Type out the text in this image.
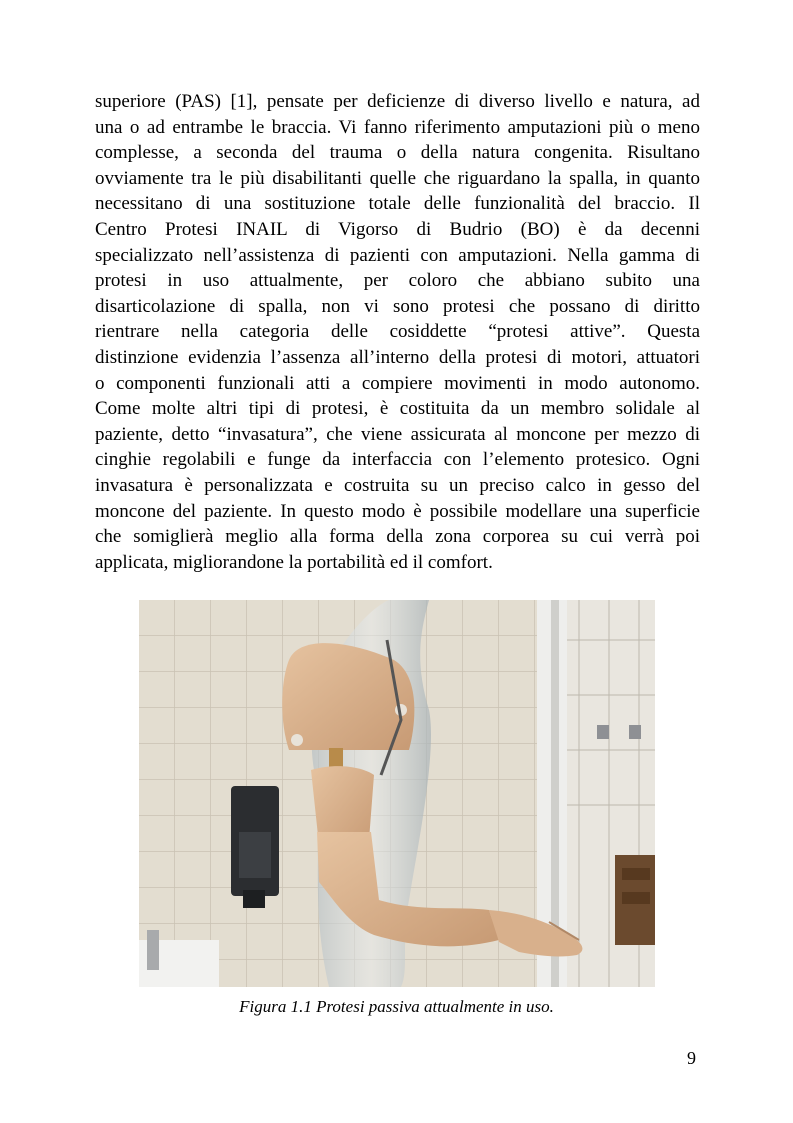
superiore (PAS) [1], pensate per deficienze di diverso livello e natura, ad
una o ad entrambe le braccia. Vi fanno riferimento amputazioni più o meno
complesse, a seconda del trauma o della natura congenita. Risultano
ovviamente tra le più disabilitanti quelle che riguardano la spalla, in quanto
necessitano di una sostituzione totale delle funzionalità del braccio. Il
Centro Protesi INAIL di Vigorso di Budrio (BO) è da decenni
specializzato nell’assistenza di pazienti con amputazioni. Nella gamma di
protesi in uso attualmente, per coloro che abbiano subito una
disarticolazione di spalla, non vi sono protesi che possano di diritto
rientrare nella categoria delle cosiddette “protesi attive”. Questa
distinzione evidenzia l’assenza all’interno della protesi di motori, attuatori
o componenti funzionali atti a compiere movimenti in modo autonomo.
Come molte altri tipi di protesi, è costituita da un membro solidale al
paziente, detto “invasatura”, che viene assicurata al moncone per mezzo di
cinghie regolabili e funge da interfaccia con l’elemento protesico. Ogni
invasatura è personalizzata e costruita su un preciso calco in gesso del
moncone del paziente. In questo modo è possibile modellare una superficie
che somiglierà meglio alla forma della zona corporea su cui verrà poi
applicata, migliorandone la portabilità ed il comfort.
Figura 1.1 Protesi passiva attualmente in uso.
9
